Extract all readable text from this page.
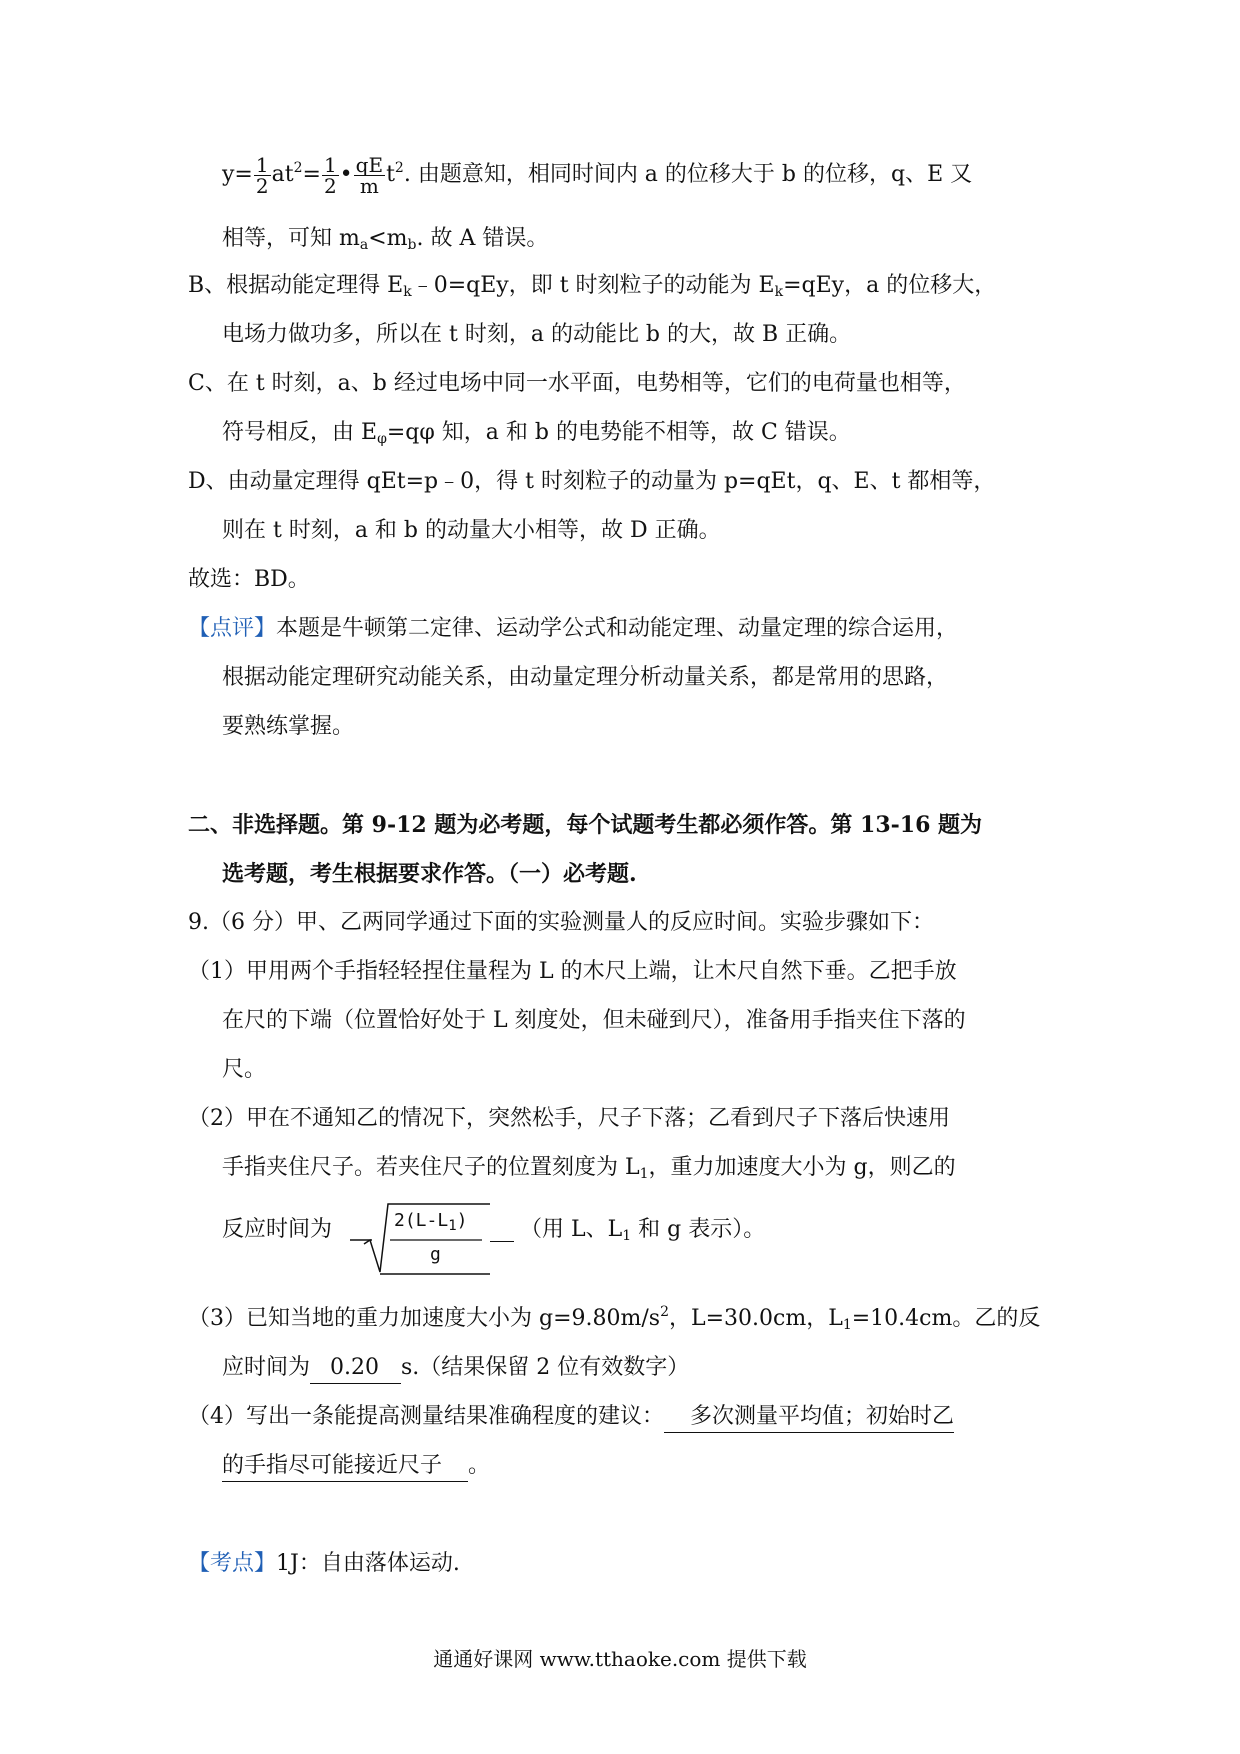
$y= \frac{1}{2} at^2= \frac{1}{2}$ • $\frac{qE}{m} t^2$. 由题意知，相同时间内 a 的位移大于 b 的位移，q、E 又
相等，可知 $m_a<m_b$. 故 A 错误。
B、根据动能定理得 $E_k﹣0=qEy$，即 t 时刻粒子的动能为 $E_k=qEy$，a 的位移大，
电场力做功多，所以在 t 时刻，a 的动能比 b 的大，故 B 正确。
C、在 t 时刻，a、b 经过电场中同一水平面，电势相等，它们的电荷量也相等，
符号相反，由 $E_\varphi=q\varphi$ 知，a 和 b 的电势能不相等，故 C 错误。
D、由动量定理得 qEt=p﹣0，得 t 时刻粒子的动量为 p=qEt，q、E、t 都相等，
则在 t 时刻，a 和 b 的动量大小相等，故 D 正确。
故选：BD。
【点评】本题是牛顿第二定律、运动学公式和动能定理、动量定理的综合运用，
根据动能定理研究动能关系，由动量定理分析动量关系，都是常用的思路，
要熟练掌握。
二、非选择题。第 9-12 题为必考题，每个试题考生都必须作答。第 13-16 题为
选考题，考生根据要求作答。（一）必考题.
9.（6 分）甲、乙两同学通过下面的实验测量人的反应时间。实验步骤如下：
（1）甲用两个手指轻轻捏住量程为 L 的木尺上端，让木尺自然下垂。乙把手放
在尺的下端（位置恰好处于 L 刻度处，但未碰到尺），准备用手指夹住下落的
尺。
（2）甲在不通知乙的情况下，突然松手，尺子下落；乙看到尺子下落后快速用
手指夹住尺子。若夹住尺子的位置刻度为 $L_1$，重力加速度大小为 g，则乙的
反应时间为	$2(L-L_1)$
g
（用 L、$L_1$ 和 g 表示）。
（3）已知当地的重力加速度大小为 $g=9.80m/s^2$，L=30.0cm，$L_1=10.4cm$。乙的反
应时间为 0.20 s.（结果保留 2 位有效数字）
（4）写出一条能提高测量结果准确程度的建议： 多次测量平均值；初始时乙
的手指尽可能接近尺子 。
【考点】1J：自由落体运动.
通通好课网 www.tthaoke.com 提供下载
